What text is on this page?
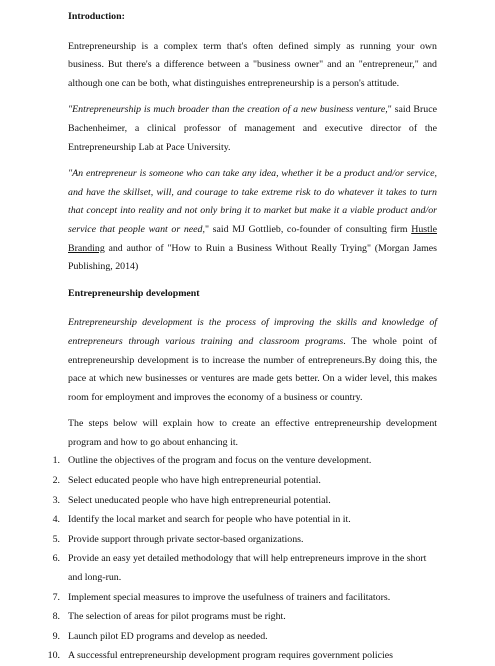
Introduction:

Entrepreneurship is a complex term that's often defined simply as running your own business. But there's a difference between a "business owner" and an "entrepreneur," and although one can be both, what distinguishes entrepreneurship is a person's attitude.

"Entrepreneurship is much broader than the creation of a new business venture," said Bruce Bachenheimer, a clinical professor of management and executive director of the Entrepreneurship Lab at Pace University.

"An entrepreneur is someone who can take any idea, whether it be a product and/or service, and have the skillset, will, and courage to take extreme risk to do whatever it takes to turn that concept into reality and not only bring it to market but make it a viable product and/or service that people want or need," said MJ Gottlieb, co-founder of consulting firm Hustle Branding and author of "How to Ruin a Business Without Really Trying" (Morgan James Publishing, 2014)

Entrepreneurship development

Entrepreneurship development is the process of improving the skills and knowledge of entrepreneurs through various training and classroom programs. The whole point of entrepreneurship development is to increase the number of entrepreneurs.By doing this, the pace at which new businesses or ventures are made gets better. On a wider level, this makes room for employment and improves the economy of a business or country.

The steps below will explain how to create an effective entrepreneurship development program and how to go about enhancing it.

1. Outline the objectives of the program and focus on the venture development.
2. Select educated people who have high entrepreneurial potential.
3. Select uneducated people who have high entrepreneurial potential.
4. Identify the local market and search for people who have potential in it.
5. Provide support through private sector-based organizations.
6. Provide an easy yet detailed methodology that will help entrepreneurs improve in the short and long-run.
7. Implement special measures to improve the usefulness of trainers and facilitators.
8. The selection of areas for pilot programs must be right.
9. Launch pilot ED programs and develop as needed.
10. A successful entrepreneurship development program requires government policies
